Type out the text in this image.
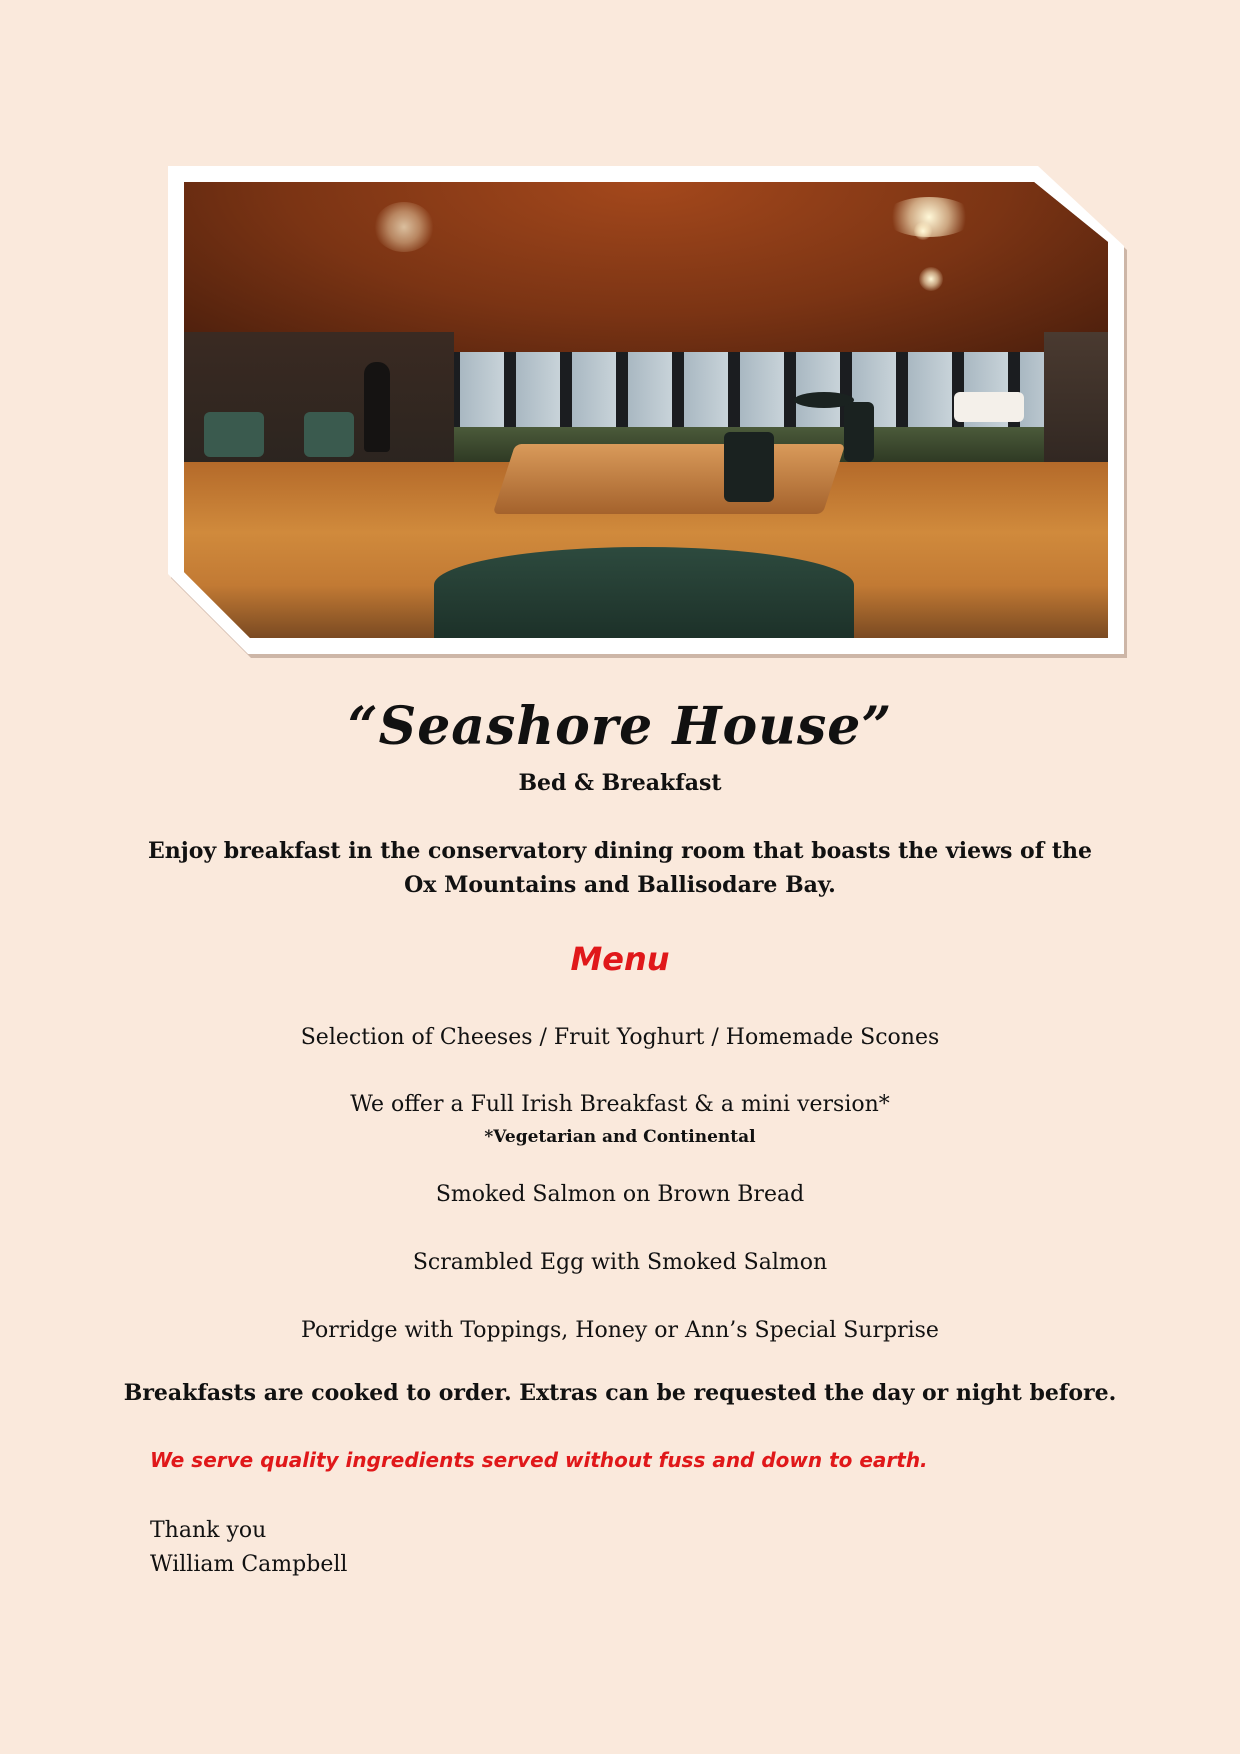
“Seashore House”
Bed & Breakfast
Enjoy breakfast in the conservatory dining room that boasts the views of the Ox Mountains and Ballisodare Bay.
Menu
Selection of Cheeses / Fruit Yoghurt / Homemade Scones
We offer a Full Irish Breakfast & a mini version*
*Vegetarian and Continental
Smoked Salmon on Brown Bread
Scrambled Egg with Smoked Salmon
Porridge with Toppings, Honey or Ann’s Special Surprise
Breakfasts are cooked to order. Extras can be requested the day or night before.
We serve quality ingredients served without fuss and down to earth.
Thank you
William Campbell
